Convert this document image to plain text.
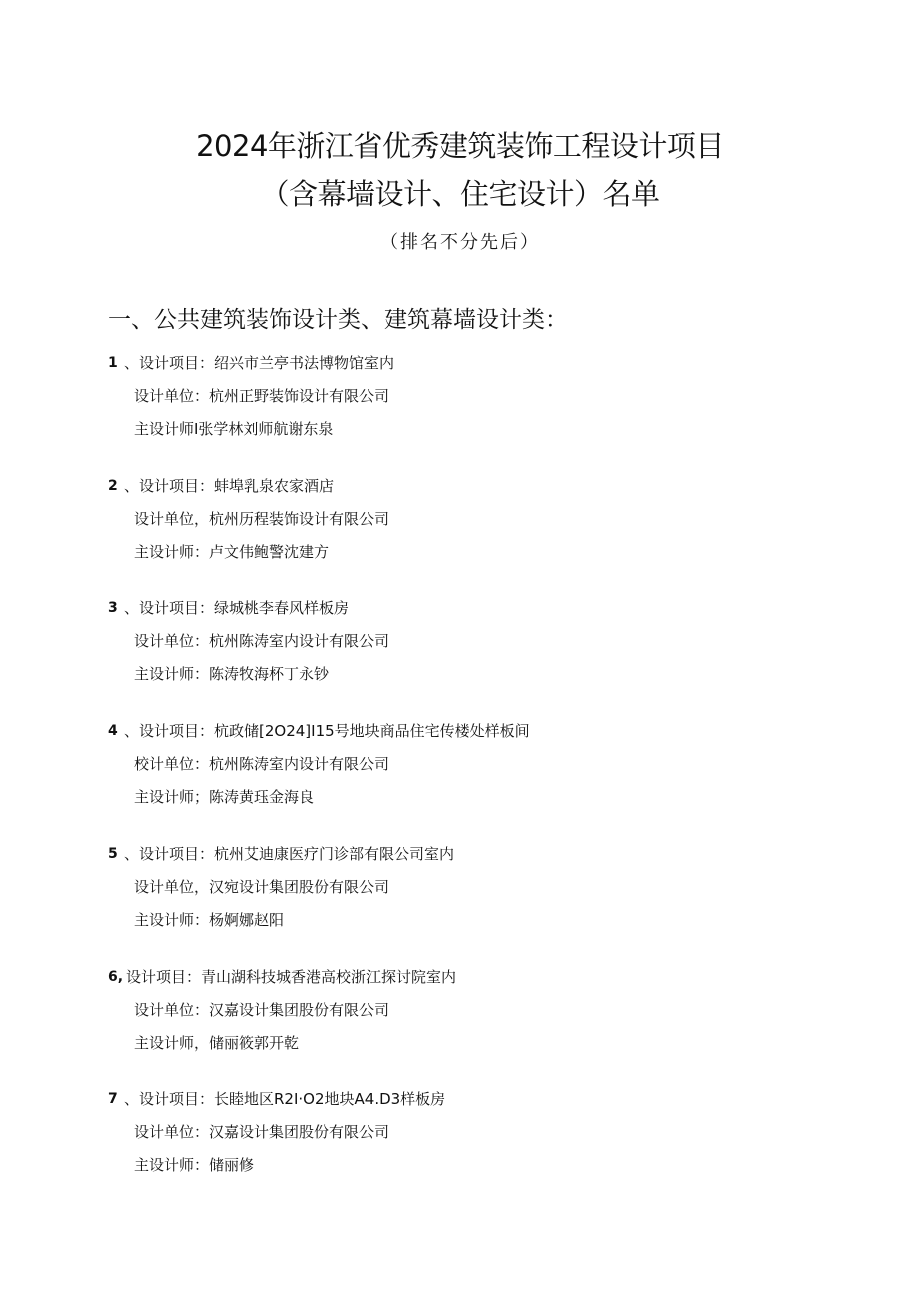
2024年浙江省优秀建筑装饰工程设计项目
（含幕墙设计、住宅设计）名单
（排名不分先后）
一、公共建筑装饰设计类、建筑幕墙设计类：
1 、设计项目：绍兴市兰亭书法博物馆室内
设计单位：杭州正野装饰设计有限公司
主设计师I张学林刘师航谢东泉
2 、设计项目：蚌埠乳泉农家酒店
设计单位，杭州历程装饰设计有限公司
主设计师：卢文伟鲍警沈建方
3 、设计项目：绿城桃李春风样板房
设计单位：杭州陈涛室内设计有限公司
主设计师：陈涛牧海杯丁永钞
4 、设计项目：杭政储[2O24]I15号地块商品住宅传楼处样板间
校计单位：杭州陈涛室内设计有限公司
主设计师；陈涛黄珏金海良
5 、设计项目：杭州艾迪康医疗门诊部有限公司室内
设计单位，汉宛设计集团股份有限公司
主设计师：杨婀娜赵阳
6, 设计项目：青山湖科技城香港高校浙江探讨院室内
设计单位：汉嘉设计集团股份有限公司
主设计师，储丽筱郭开乾
7 、设计项目：长睦地区R2I·O2地块A4.D3样板房
设计单位：汉嘉设计集团股份有限公司
主设计师：储丽修
